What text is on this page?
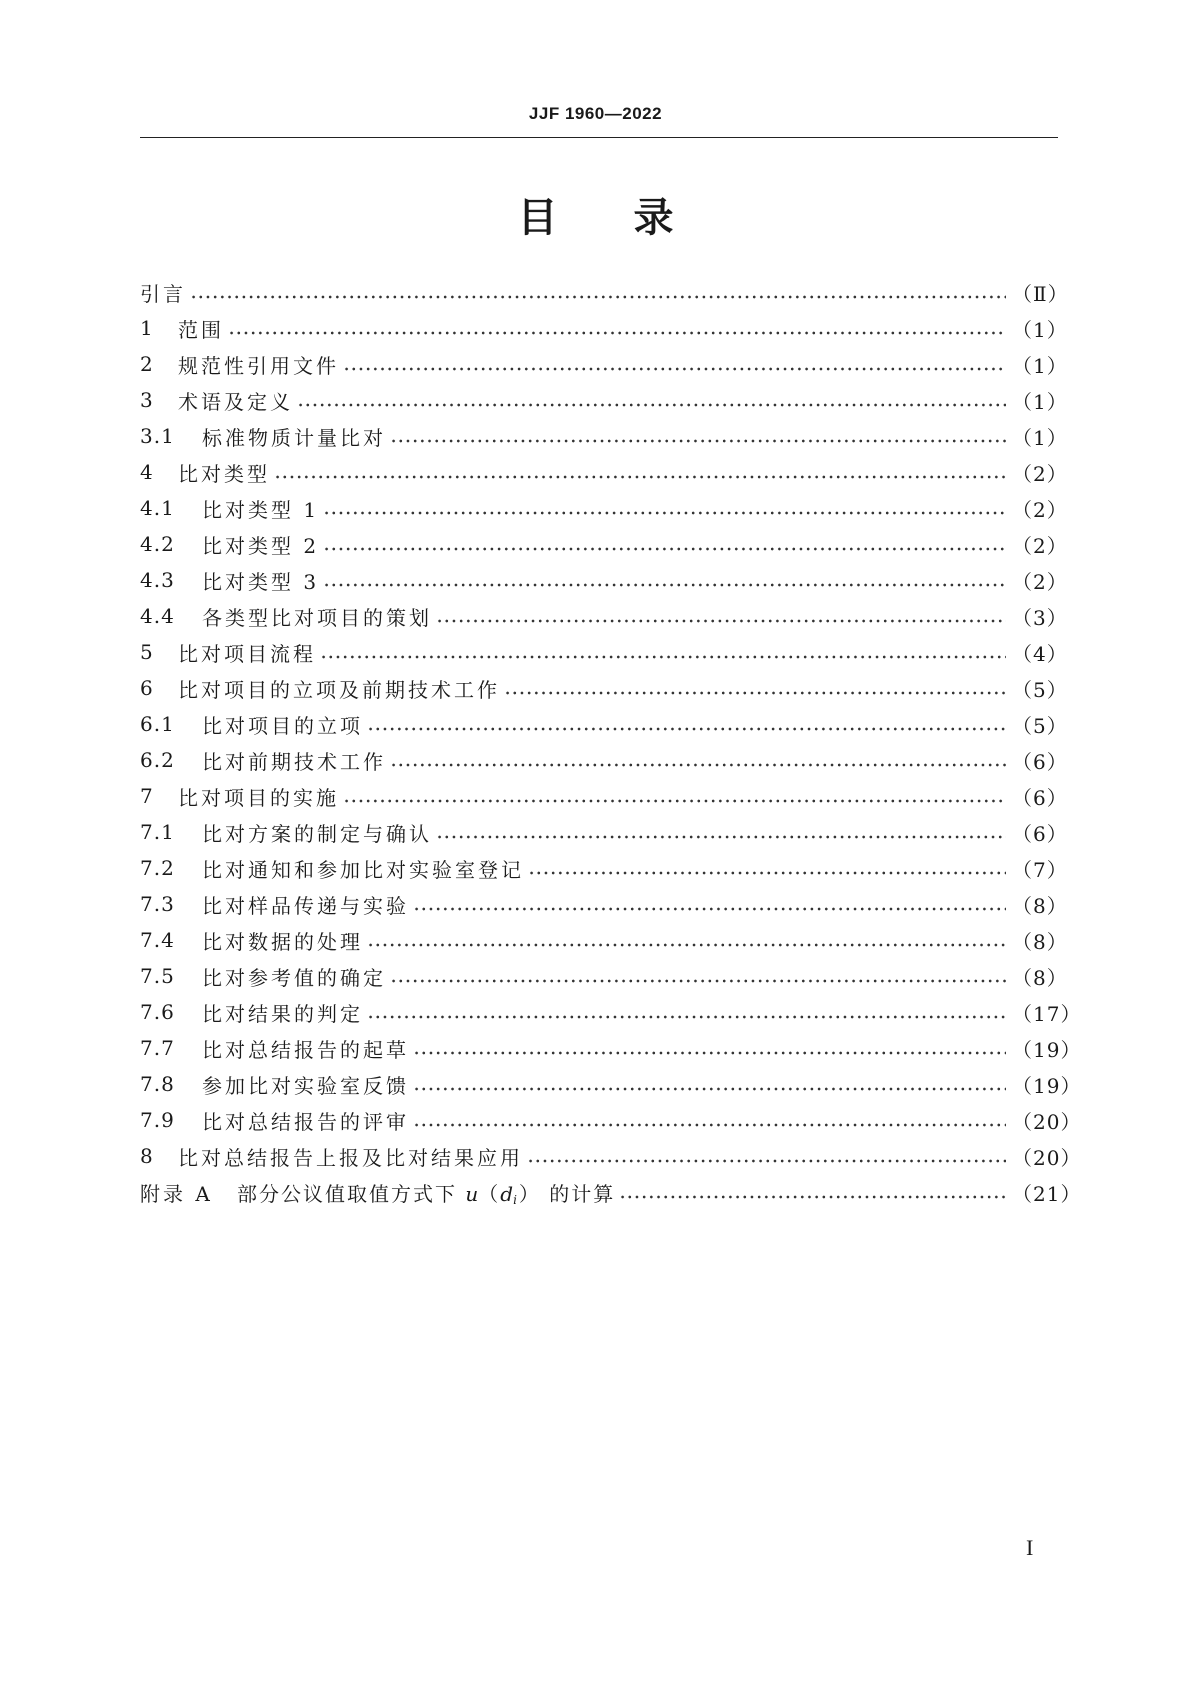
JJF 1960—2022
目录
引言	（Ⅱ）
1	范围	（1）
2	规范性引用文件	（1）
3	术语及定义	（1）
3.1	标准物质计量比对	（1）
4	比对类型	（2）
4.1	比对类型 1	（2）
4.2	比对类型 2	（2）
4.3	比对类型 3	（2）
4.4	各类型比对项目的策划	（3）
5	比对项目流程	（4）
6	比对项目的立项及前期技术工作	（5）
6.1	比对项目的立项	（5）
6.2	比对前期技术工作	（6）
7	比对项目的实施	（6）
7.1	比对方案的制定与确认	（6）
7.2	比对通知和参加比对实验室登记	（7）
7.3	比对样品传递与实验	（8）
7.4	比对数据的处理	（8）
7.5	比对参考值的确定	（8）
7.6	比对结果的判定	（17）
7.7	比对总结报告的起草	（19）
7.8	参加比对实验室反馈	（19）
7.9	比对总结报告的评审	（20）
8	比对总结报告上报及比对结果应用	（20）
附录 A	部分公议值取值方式下 $u(d_i)$ 的计算	（21）
I
